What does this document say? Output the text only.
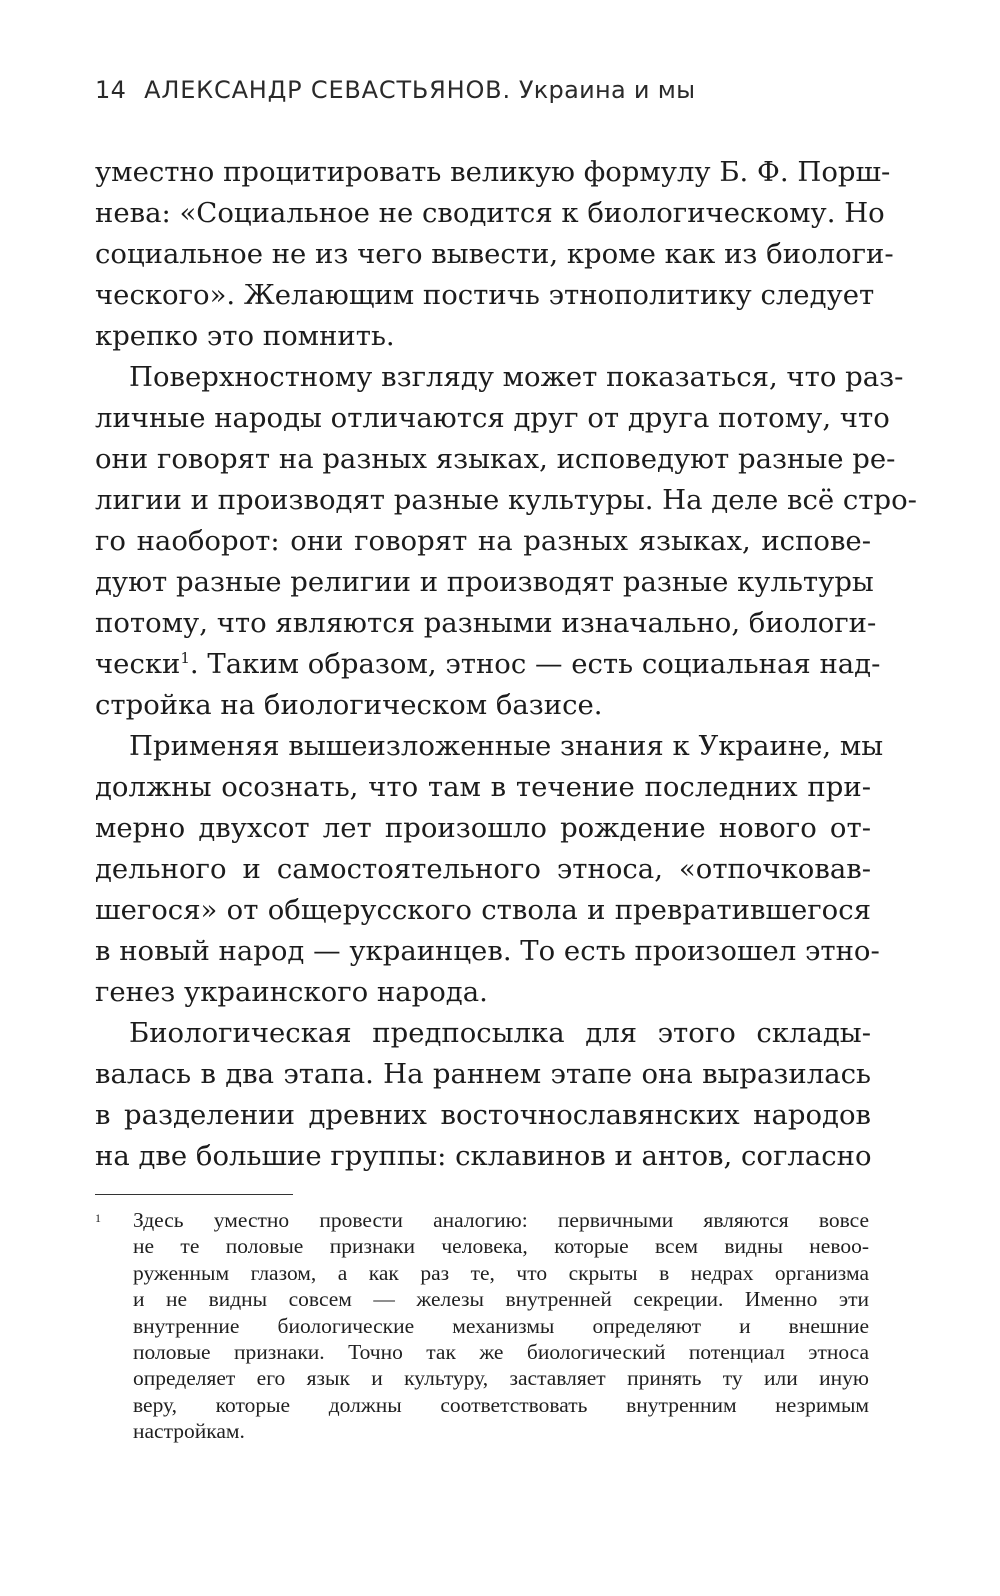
14 АЛЕКСАНДР СЕВАСТЬЯНОВ. Украина и мы
уместно процитировать великую формулу Б. Ф. Порш-
нева: «Социальное не сводится к биологическому. Но
социальное не из чего вывести, кроме как из биологи-
ческого». Желающим постичь этнополитику следует
крепко это помнить.
Поверхностному взгляду может показаться, что раз-
личные народы отличаются друг от друга потому, что
они говорят на разных языках, исповедуют разные ре-
лигии и производят разные культуры. На деле всё стро-
го наоборот: они говорят на разных языках, испове-
дуют разные религии и производят разные культуры
потому, что являются разными изначально, биологи-
чески$^1$. Таким образом, этнос — есть социальная над-
стройка на биологическом базисе.
Применяя вышеизложенные знания к Украине, мы
должны осознать, что там в течение последних при-
мерно двухсот лет произошло рождение нового от-
дельного и самостоятельного этноса, «отпочковав-
шегося» от общерусского ствола и превратившегося
в новый народ — украинцев. То есть произошел этно-
генез украинского народа.
Биологическая предпосылка для этого склады-
валась в два этапа. На раннем этапе она выразилась
в разделении древних восточнославянских народов
на две большие группы: склавинов и антов, согласно
1 Здесь уместно провести аналогию: первичными являются вовсе
не те половые признаки человека, которые всем видны невоо-
руженным глазом, а как раз те, что скрыты в недрах организма
и не видны совсем — железы внутренней секреции. Именно эти
внутренние биологические механизмы определяют и внешние
половые признаки. Точно так же биологический потенциал этноса
определяет его язык и культуру, заставляет принять ту или иную
веру, которые должны соответствовать внутренним незримым
настройкам.
